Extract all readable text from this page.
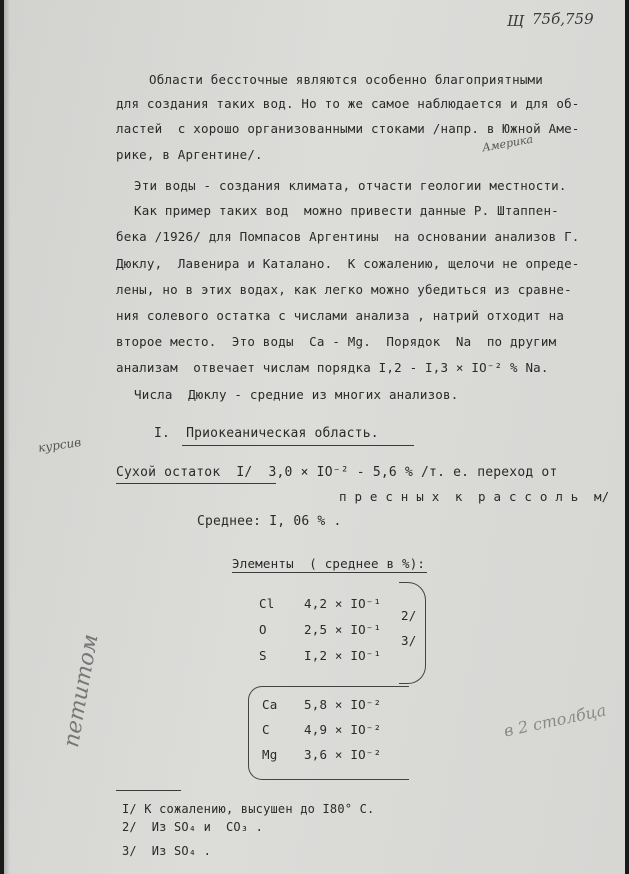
Щ 75б,759
Области бессточные являются особенно благоприятными
для создания таких вод. Но то же самое наблюдается и для об-
ластей  с хорошо организованными стоками /напр. в Южной Аме-
Америка
рике, в Аргентине/.
Эти воды - создания климата, отчасти геологии местности.
Как пример таких вод  можно привести данные Р. Штаппен-
бека /1926/ для Помпасов Аргентины  на основании анализов Г.
Дюклу,  Лавенира и Каталано.  К сожалению, щелочи не опреде-
лены, но в этих водах, как легко можно убедиться из сравне-
ния солевого остатка с числами анализа , натрий отходит на
второе место.  Это воды  Ca - Mg.  Порядок  Na  по другим
анализам  отвечает числам порядка I,2 - I,3 × IO⁻² % Na.
Числа  Дюклу - средние из многих анализов.
курсив
I.  Приокеаническая область.
Сухой остаток  I/  3,0 × IO⁻² - 5,6 % /т. е. переход от
п р е с н ы х  к  р а с с о л ь  м/
Среднее: I, 06 % .
Элементы  ( среднее в %):
Cl 4,2 × IO⁻¹
O	2,5 × IO⁻¹
S	I,2 × IO⁻¹
2/
3/
петитом	Ca 5,8 × IO⁻²
C	4,9 × IO⁻²
Mg 3,6 × IO⁻²
в 2 столбца
I/ К сожалению, высушен до I80° C.
2/  Из SO₄ и  CO₃ .
3/  Из SO₄ .
